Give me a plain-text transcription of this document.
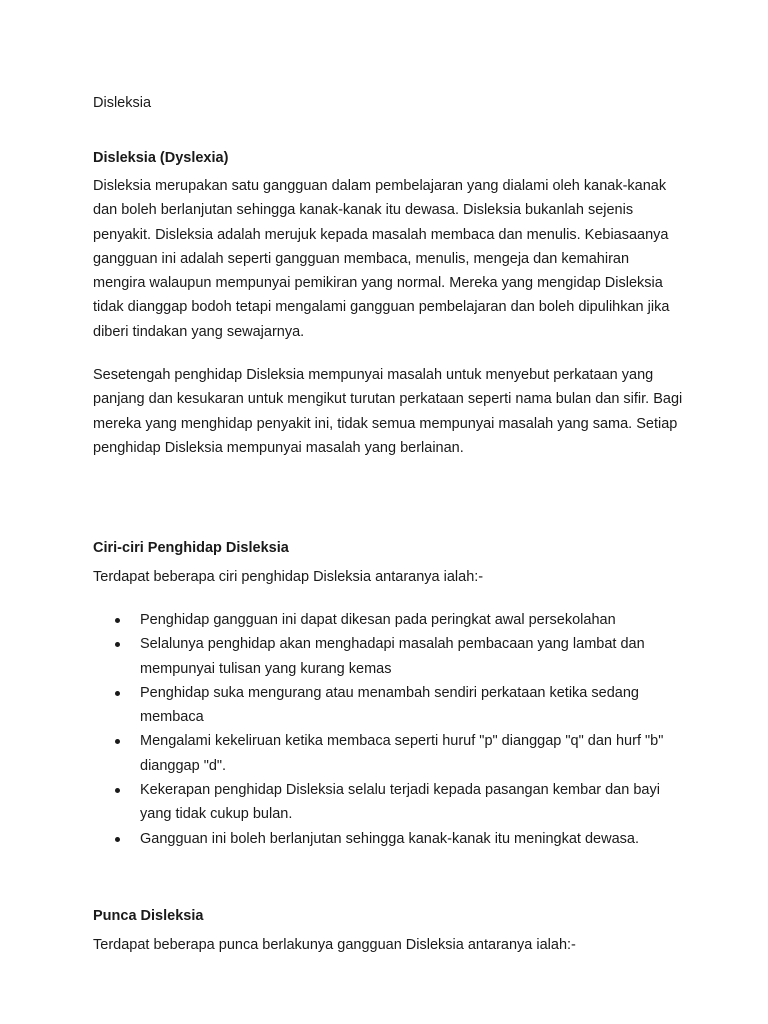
Disleksia

Disleksia (Dyslexia)

Disleksia merupakan satu gangguan dalam pembelajaran yang dialami oleh kanak-kanak dan boleh berlanjutan sehingga kanak-kanak itu dewasa. Disleksia bukanlah sejenis penyakit. Disleksia adalah merujuk kepada masalah membaca dan menulis. Kebiasaanya gangguan ini adalah seperti gangguan membaca, menulis, mengeja dan kemahiran mengira walaupun mempunyai pemikiran yang normal. Mereka yang mengidap Disleksia tidak dianggap bodoh tetapi mengalami gangguan pembelajaran dan boleh dipulihkan jika diberi tindakan yang sewajarnya.

Sesetengah penghidap Disleksia mempunyai masalah untuk menyebut perkataan yang panjang dan kesukaran untuk mengikut turutan perkataan seperti nama bulan dan sifir. Bagi mereka yang menghidap penyakit ini, tidak semua mempunyai masalah yang sama. Setiap penghidap Disleksia mempunyai masalah yang berlainan.

Ciri-ciri Penghidap Disleksia

Terdapat beberapa ciri penghidap Disleksia antaranya ialah:-

Penghidap gangguan ini dapat dikesan pada peringkat awal persekolahan
Selalunya penghidap akan menghadapi masalah pembacaan yang lambat dan mempunyai tulisan yang kurang kemas
Penghidap suka mengurang atau menambah sendiri perkataan ketika sedang membaca
Mengalami kekeliruan ketika membaca seperti huruf "p" dianggap "q" dan hurf "b" dianggap "d".
Kekerapan penghidap Disleksia selalu terjadi kepada pasangan kembar dan bayi yang tidak cukup bulan.
Gangguan ini boleh berlanjutan sehingga kanak-kanak itu meningkat dewasa.

Punca Disleksia

Terdapat beberapa punca berlakunya gangguan Disleksia antaranya ialah:-
